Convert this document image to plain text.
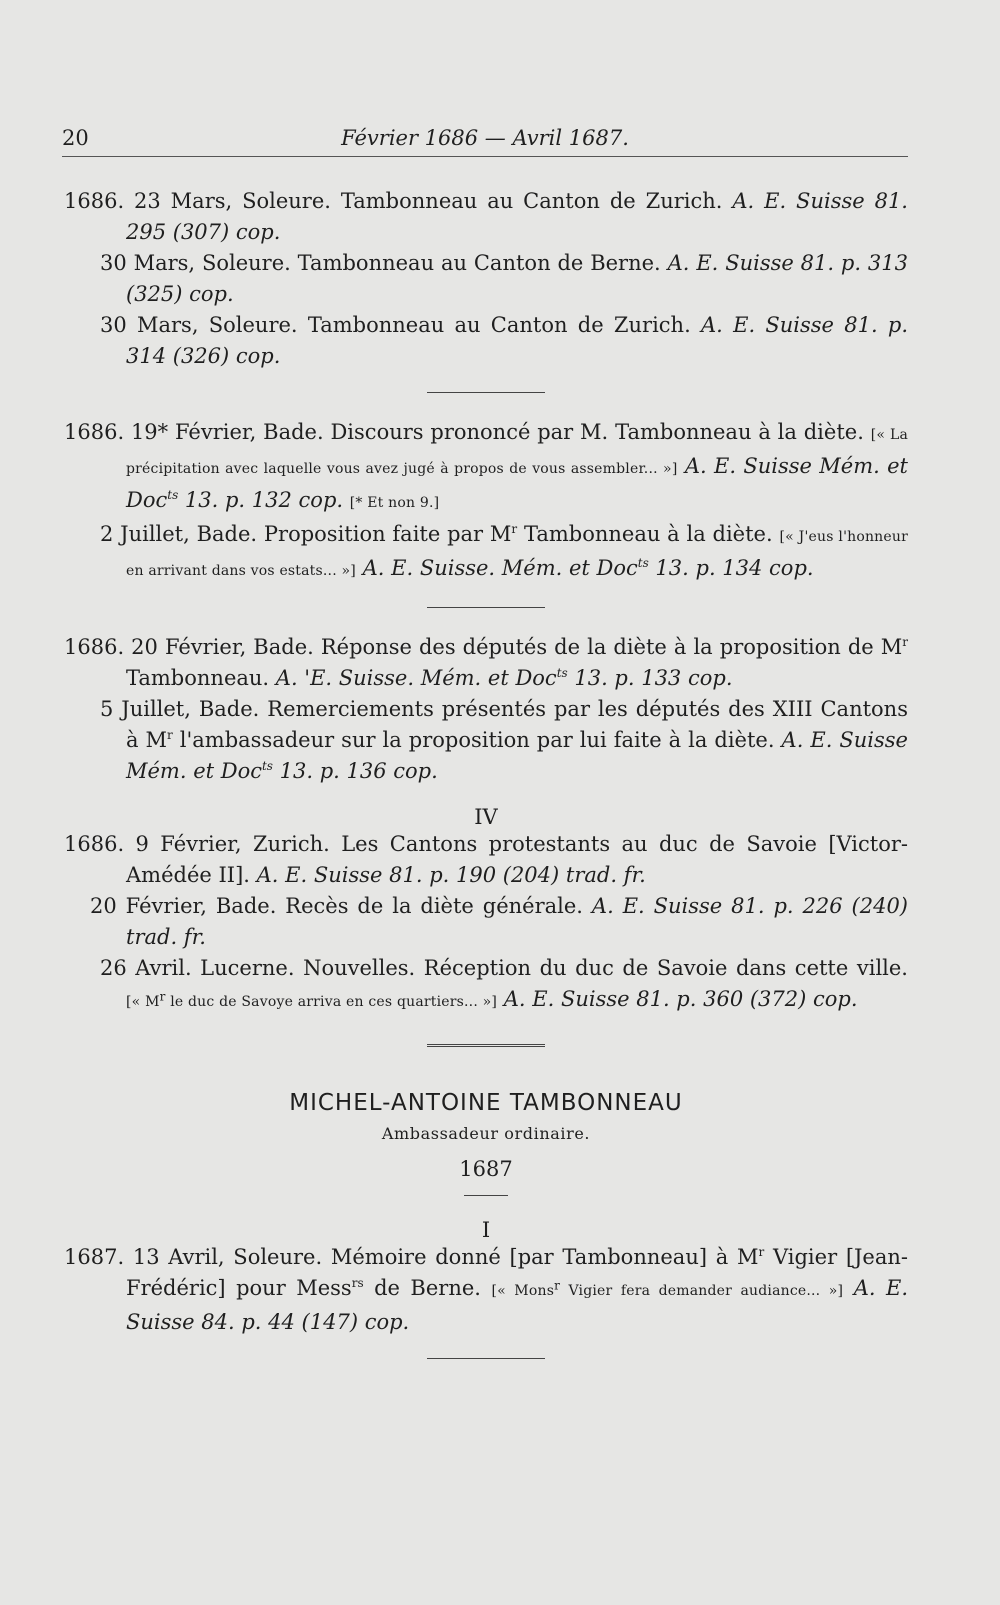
20	Février 1686 — Avril 1687.
1686. 23 Mars, Soleure. Tambonneau au Canton de Zurich. A. E. Suisse 81. 295 (307) cop.
30 Mars, Soleure. Tambonneau au Canton de Berne. A. E. Suisse 81. p. 313 (325) cop.
30 Mars, Soleure. Tambonneau au Canton de Zurich. A. E. Suisse 81. p. 314 (326) cop.
1686. 19* Février, Bade. Discours prononcé par M. Tambonneau à la diète. [« La précipitation avec laquelle vous avez jugé à propos de vous assembler... »] A. E. Suisse Mém. et Doc$^{ts}$ 13. p. 132 cop. [* Et non 9.]
2 Juillet, Bade. Proposition faite par $M^r$ Tambonneau à la diète. [« J'eus l'honneur en arrivant dans vos estats... »] A. E. Suisse. Mém. et Doc$^{ts}$ 13. p. 134 cop.
1686. 20 Février, Bade. Réponse des députés de la diète à la proposition de $M^r$ Tambonneau. A. 'E. Suisse. Mém. et Doc$^{ts}$ 13. p. 133 cop.
5 Juillet, Bade. Remerciements présentés par les députés des XIII Cantons à $M^r$ l'ambassadeur sur la proposition par lui faite à la diète. A. E. Suisse Mém. et Doc$^{ts}$ 13. p. 136 cop.
IV
1686. 9 Février, Zurich. Les Cantons protestants au duc de Savoie [Victor-Amédée II]. A. E. Suisse 81. p. 190 (204) trad. fr.
20 Février, Bade. Recès de la diète générale. A. E. Suisse 81. p. 226 (240) trad. fr.
26 Avril. Lucerne. Nouvelles. Réception du duc de Savoie dans cette ville. [« $M^r$ le duc de Savoye arriva en ces quartiers... »] A. E. Suisse 81. p. 360 (372) cop.
MICHEL-ANTOINE TAMBONNEAU
Ambassadeur ordinaire.
1687
I
1687. 13 Avril, Soleure. Mémoire donné [par Tambonneau] à $M^r$ Vigier [Jean-Frédéric] pour Mess$^{rs}$ de Berne. [« Mons$^r$ Vigier fera demander audiance... »] A. E. Suisse 84. p. 44 (147) cop.
